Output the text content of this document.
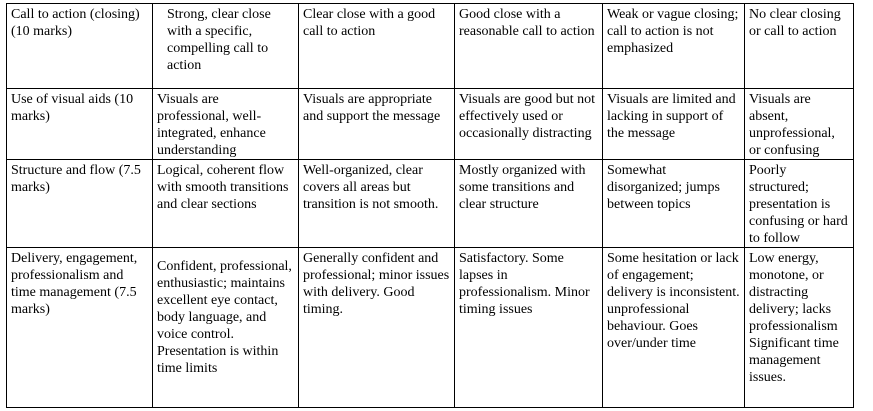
Call to action (closing) (10 marks)	Strong, clear close with a specific, compelling call to action	Clear close with a good call to action	Good close with a reasonable call to action	Weak or vague closing; call to action is not emphasized	No clear closing or call to action
Use of visual aids (10 marks)	Visuals are professional, well-integrated, enhance understanding	Visuals are appropriate and support the message	Visuals are good but not effectively used or occasionally distracting	Visuals are limited and lacking in support of the message	Visuals are absent, unprofessional, or confusing
Structure and flow (7.5 marks)	Logical, coherent flow with smooth transitions and clear sections	Well-organized, clear covers all areas but transition is not smooth.	Mostly organized with some transitions and clear structure	Somewhat disorganized; jumps between topics	Poorly structured; presentation is confusing or hard to follow
Delivery, engagement, professionalism and time management (7.5 marks)	Confident, professional, enthusiastic; maintains excellent eye contact, body language, and voice control. Presentation is within time limits	Generally confident and professional; minor issues with delivery. Good timing.	Satisfactory. Some lapses in professionalism. Minor timing issues	Some hesitation or lack of engagement; delivery is inconsistent. unprofessional behaviour. Goes over/under time	Low energy, monotone, or distracting delivery; lacks professionalism Significant time management issues.
